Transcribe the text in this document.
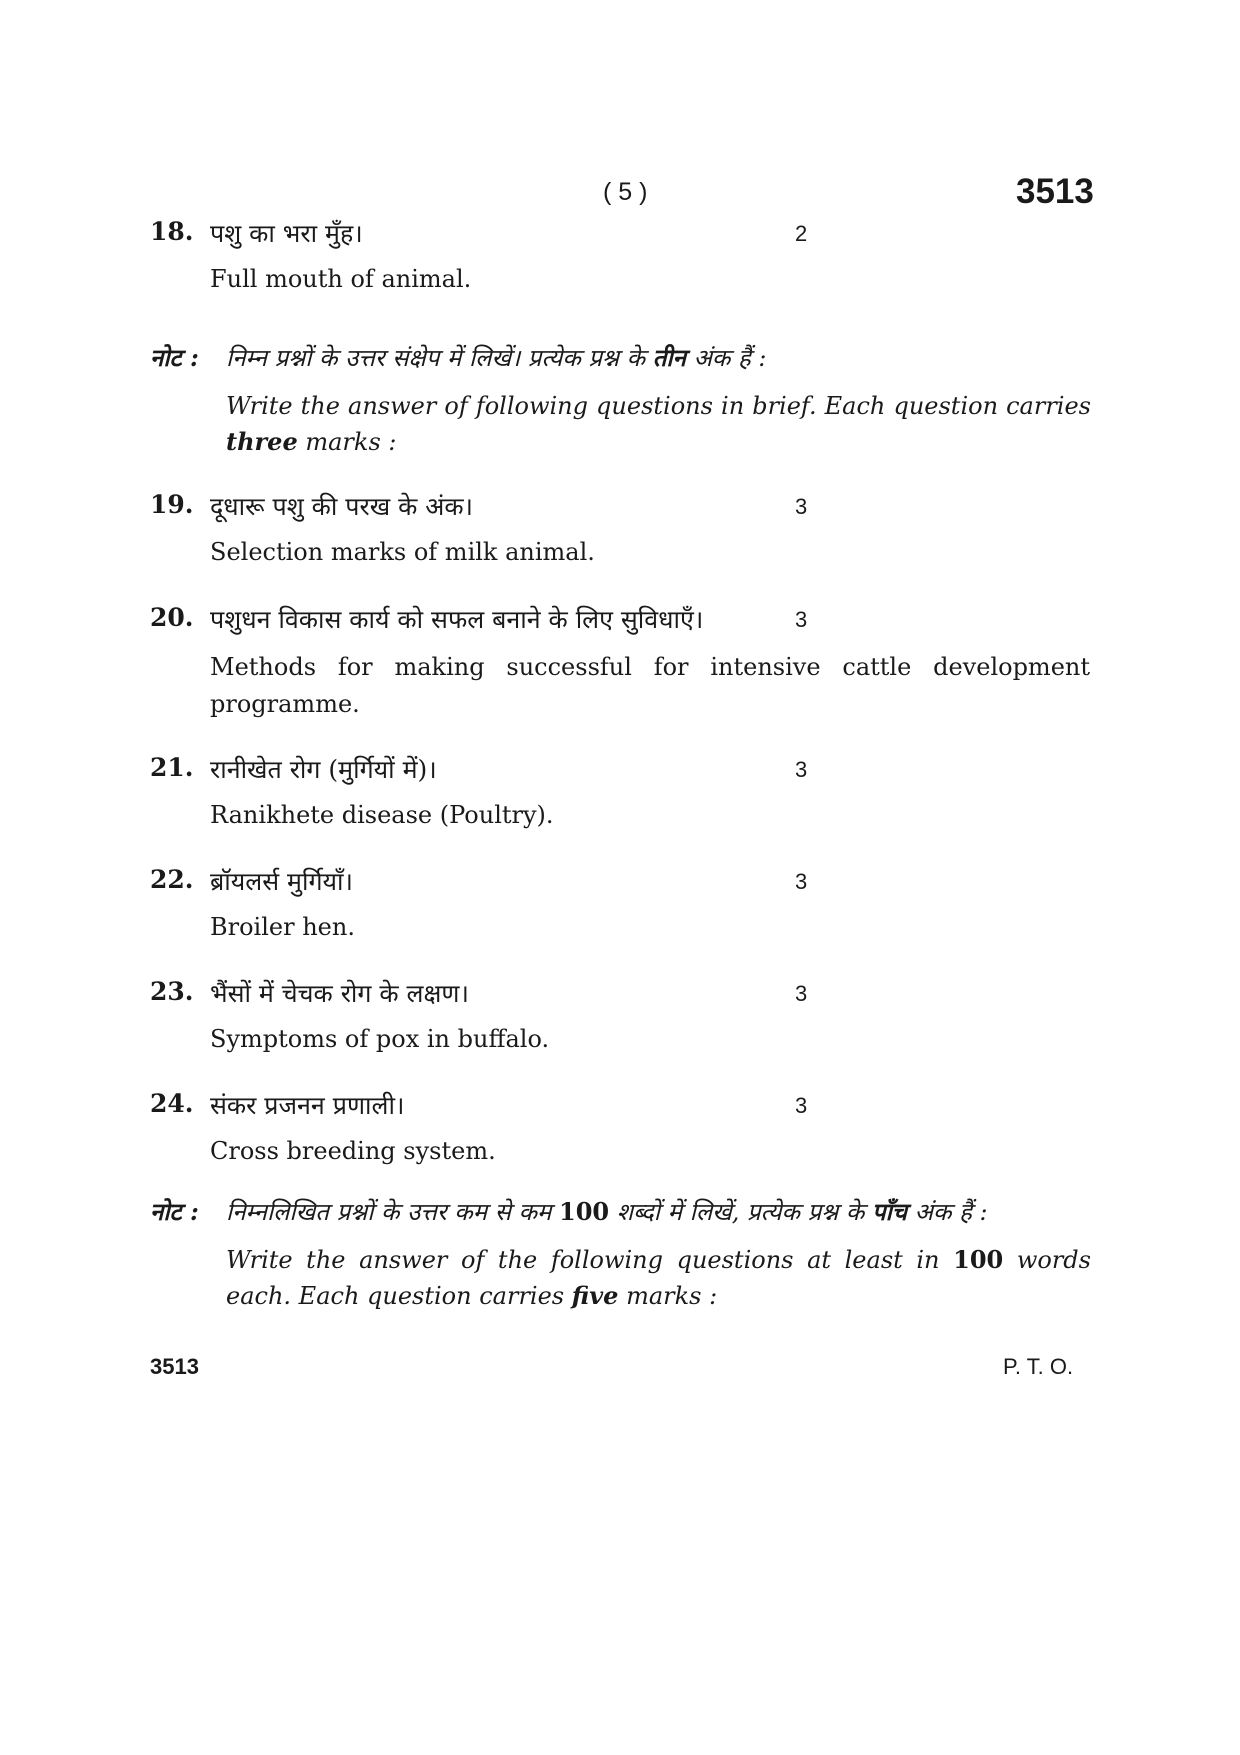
( 5 )	3513
18. पशु का भरा मुँह।	2
Full mouth of animal.
नोट : निम्न प्रश्नों के उत्तर संक्षेप में लिखें। प्रत्येक प्रश्न के तीन अंक हैं :
Write the answer of following questions in brief. Each question carries three marks :
19. दूधारू पशु की परख के अंक।	3
Selection marks of milk animal.
20. पशुधन विकास कार्य को सफल बनाने के लिए सुविधाएँ।	3
Methods for making successful for intensive cattle development programme.
21. रानीखेत रोग (मुर्गियों में)।	3
Ranikhete disease (Poultry).
22. ब्रॉयलर्स मुर्गियाँ।	3
Broiler hen.
23. भैंसों में चेचक रोग के लक्षण।	3
Symptoms of pox in buffalo.
24. संकर प्रजनन प्रणाली।	3
Cross breeding system.
नोट : निम्नलिखित प्रश्नों के उत्तर कम से कम 100 शब्दों में लिखें, प्रत्येक प्रश्न के पाँच अंक हैं :
Write the answer of the following questions at least in 100 words each. Each question carries five marks :
3513	P. T. O.
